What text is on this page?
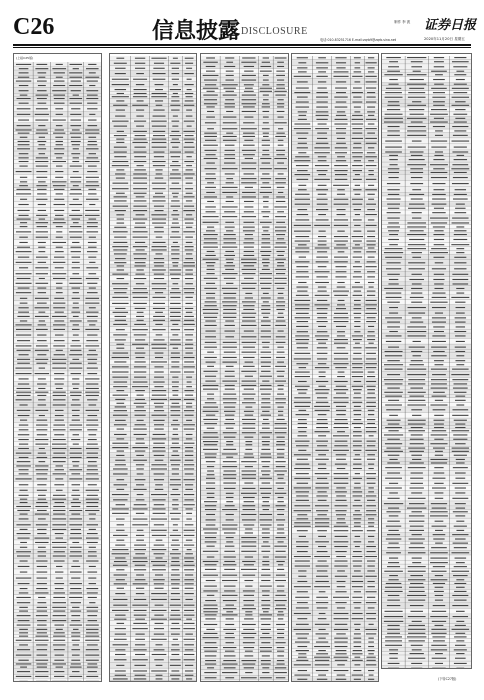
C26	信息披露 DISCLOSURE
制作 李 波
电话:010-83251716 E-mail:zqrb9@zqrb.sina.net
证券日报
2020年11月20日 星期五
(上接C25版)
(下转C27版)
